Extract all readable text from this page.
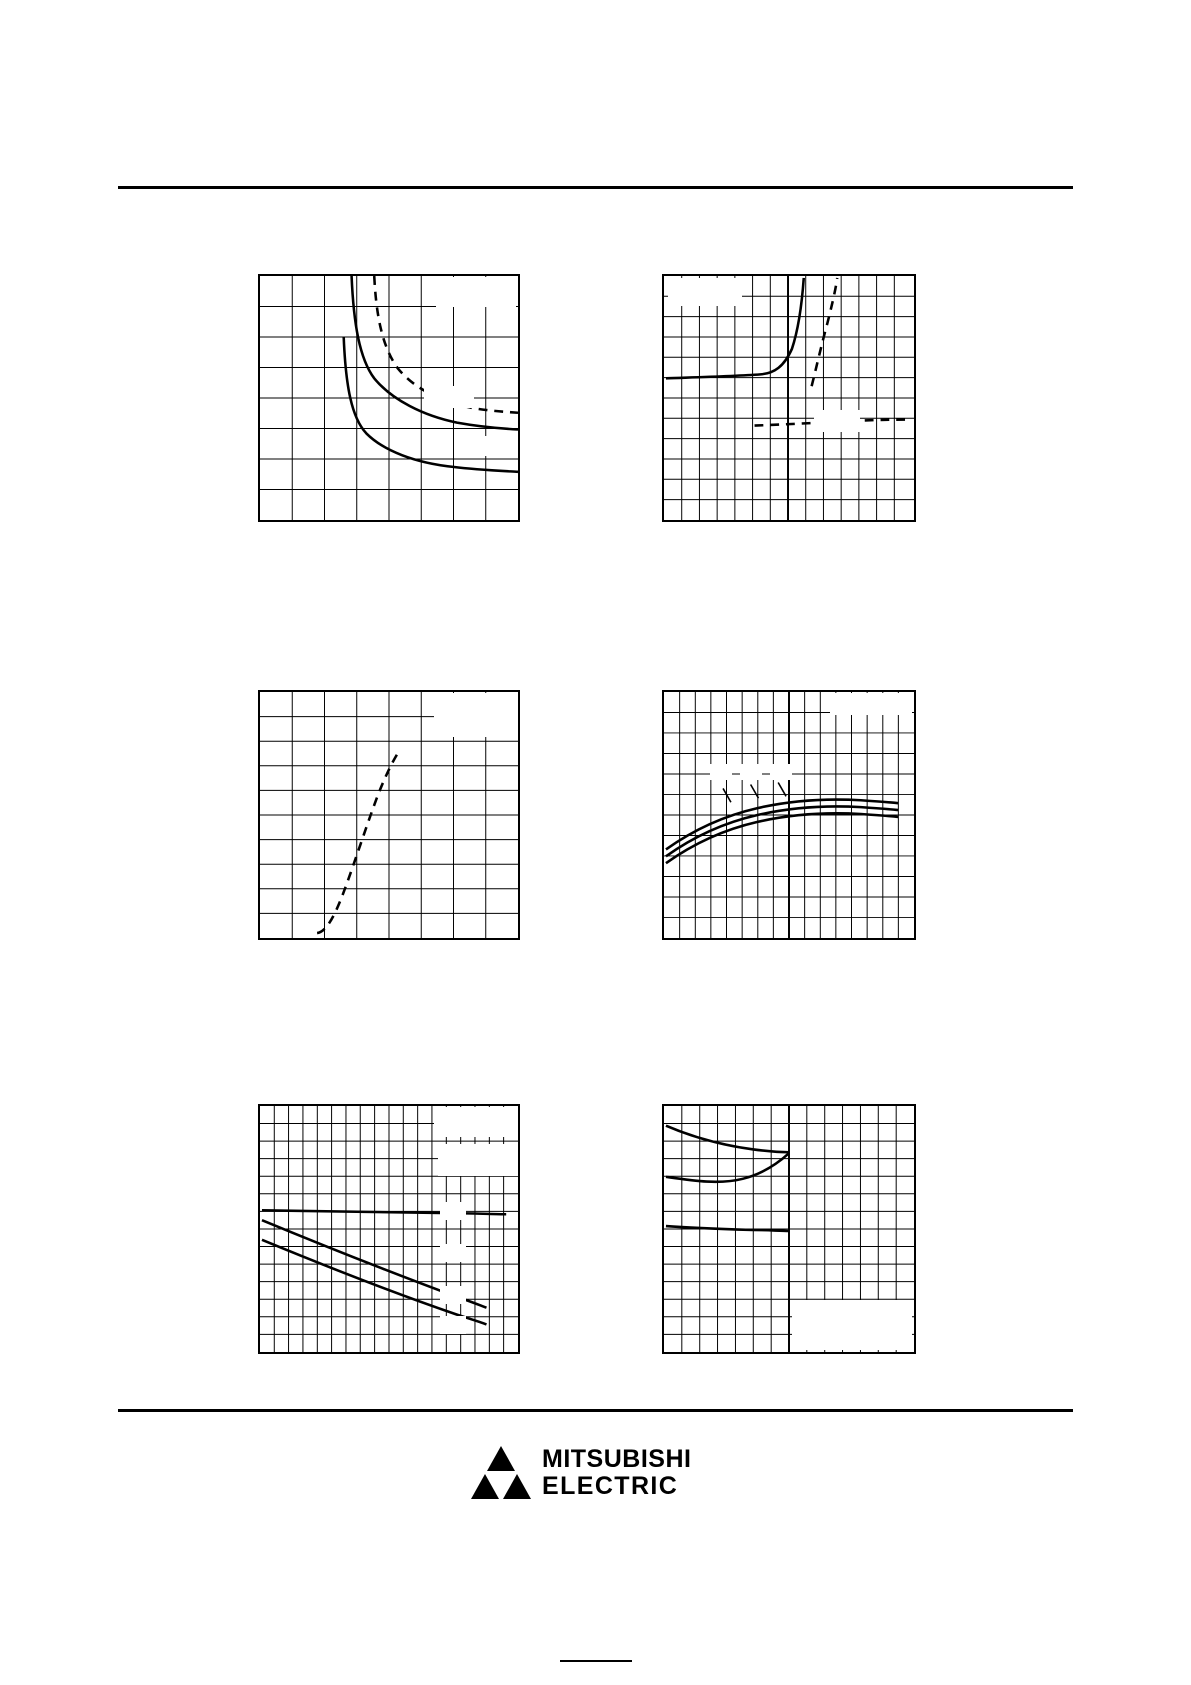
MITSUBISHI
ELECTRIC
